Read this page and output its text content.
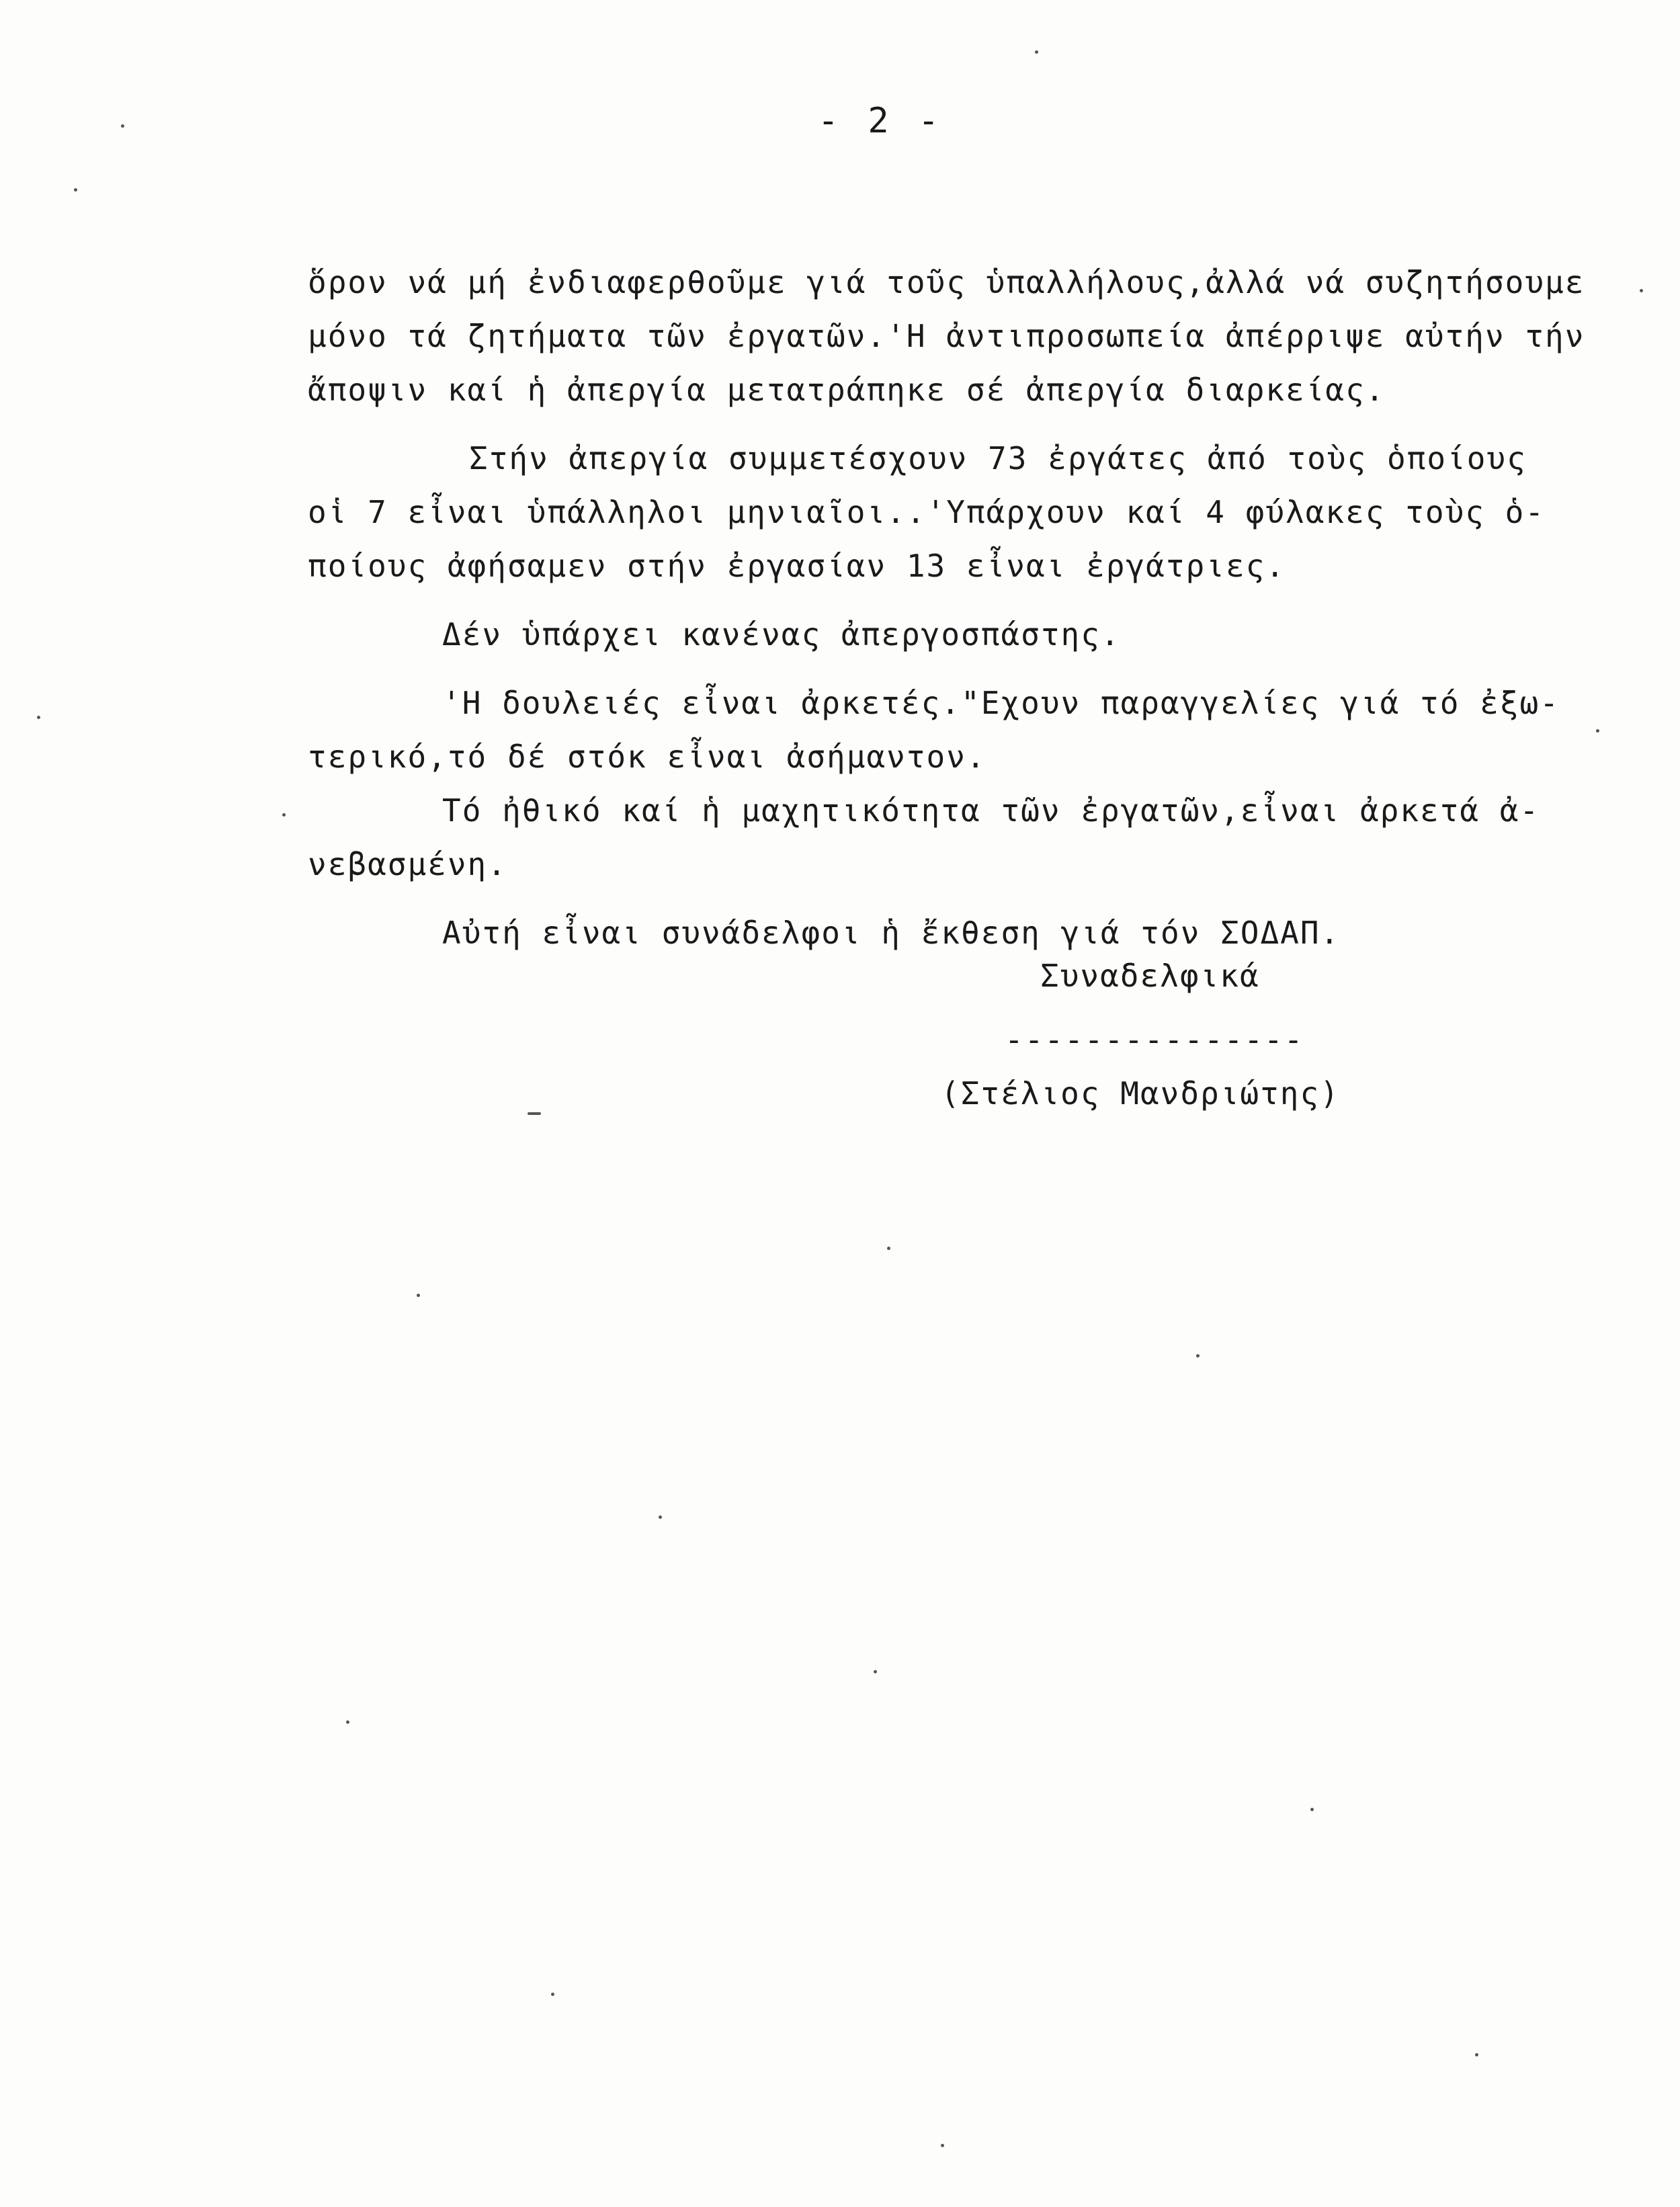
- 2 -
ὅρον νά μή ἐνδιαφερθοῦμε γιά τοῦς ὑπαλλήλους,ἀλλά νά συζητήσουμε
μόνο τά ζητήματα τῶν ἐργατῶν.'Η ἀντιπροσωπεία ἀπέρριψε αὐτήν τήν
ἄποψιν καί ἡ ἀπεργία μετατράπηκε σέ ἀπεργία διαρκείας.
Στήν ἀπεργία συμμετέσχουν 73 ἐργάτες ἀπό τοὺς ὁποίους
οἱ 7 εἶναι ὑπάλληλοι μηνιαῖοι..'Υπάρχουν καί 4 φύλακες τοὺς ὁ-
ποίους ἀφήσαμεν στήν ἐργασίαν 13 εἶναι ἐργάτριες.
Δέν ὑπάρχει κανένας ἀπεργοσπάστης.
'Η δουλειές εἶναι ἀρκετές."Εχουν παραγγελίες γιά τό ἐξω-
τερικό,τό δέ στόκ εἶναι ἀσήμαντον.
Τό ἠθικό καί ἡ μαχητικότητα τῶν ἐργατῶν,εἶναι ἀρκετά ἀ-
νεβασμένη.
Αὐτή εἶναι συνάδελφοι ἡ ἔκθεση γιά τόν ΣΟΔΑΠ.
Συναδελφικά
---------------
(Στέλιος Μανδριώτης)
